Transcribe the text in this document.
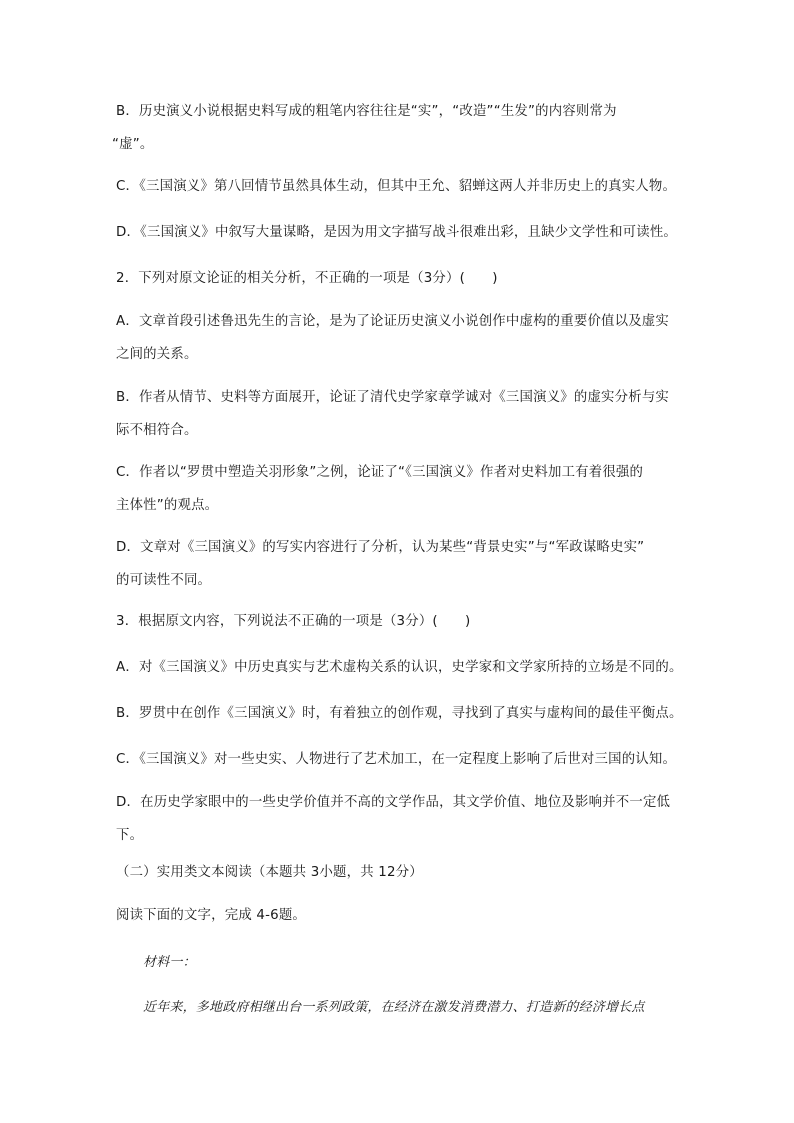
B．历史演义小说根据史料写成的粗笔内容往往是“实”，“改造”“生发”的内容则常为
“虚”。

C．《三国演义》第八回情节虽然具体生动，但其中王允、貂蝉这两人并非历史上的真实人物。

D．《三国演义》中叙写大量谋略，是因为用文字描写战斗很难出彩，且缺少文学性和可读性。

2．下列对原文论证的相关分析，不正确的一项是（3分）(　　)

A．文章首段引述鲁迅先生的言论，是为了论证历史演义小说创作中虚构的重要价值以及虚实
之间的关系。

B．作者从情节、史料等方面展开，论证了清代史学家章学诚对《三国演义》的虚实分析与实
际不相符合。

C．作者以“罗贯中塑造关羽形象”之例，论证了“《三国演义》作者对史料加工有着很强的
主体性”的观点。

D．文章对《三国演义》的写实内容进行了分析，认为某些“背景史实”与“军政谋略史实”
的可读性不同。

3．根据原文内容，下列说法不正确的一项是（3分）(　　)

A．对《三国演义》中历史真实与艺术虚构关系的认识，史学家和文学家所持的立场是不同的。

B．罗贯中在创作《三国演义》时，有着独立的创作观，寻找到了真实与虚构间的最佳平衡点。

C．《三国演义》对一些史实、人物进行了艺术加工，在一定程度上影响了后世对三国的认知。

D．在历史学家眼中的一些史学价值并不高的文学作品，其文学价值、地位及影响并不一定低
下。

（二）实用类文本阅读（本题共 3小题，共 12分）

阅读下面的文字，完成 4-6题。

材料一：

近年来，多地政府相继出台一系列政策，在经济在激发消费潜力、打造新的经济增长点
